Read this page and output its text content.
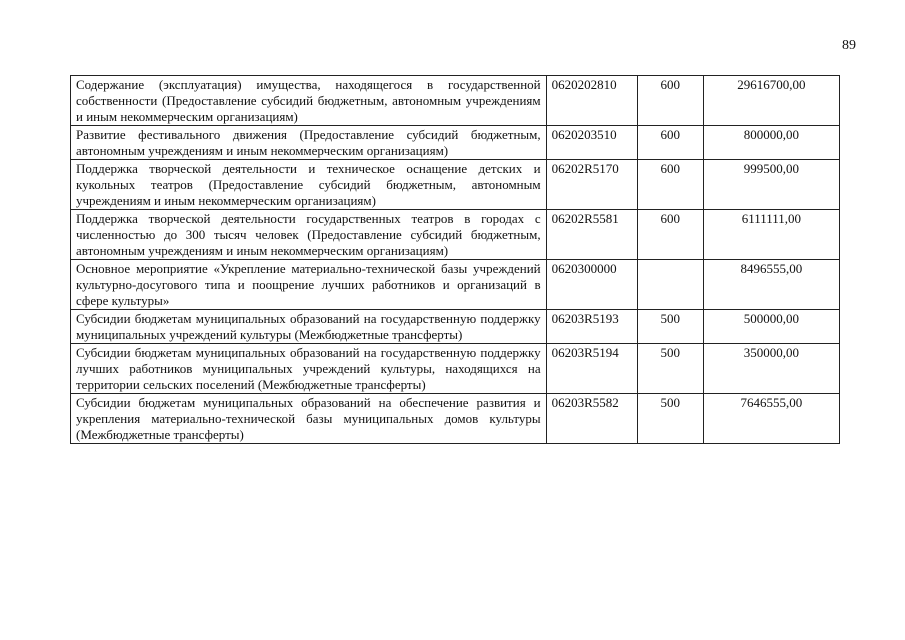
89
Содержание (эксплуатация) имущества, находящегося в государственной собственности (Предоставление субсидий бюджетным, автономным учреждениям и иным некоммерческим организациям)	0620202810	600	29616700,00
Развитие фестивального движения (Предоставление субсидий бюджетным, автономным учреждениям и иным некоммерческим организациям)	0620203510	600	800000,00
Поддержка творческой деятельности и техническое оснащение детских и кукольных театров (Предоставление субсидий бюджетным, автономным учреждениям и иным некоммерческим организациям)	06202R5170	600	999500,00
Поддержка творческой деятельности государственных театров в городах с численностью до 300 тысяч человек (Предоставление субсидий бюджетным, автономным учреждениям и иным некоммерческим организациям)	06202R5581	600	6111111,00
Основное мероприятие «Укрепление материально-технической базы учреждений культурно-досугового типа и поощрение лучших работников и организаций в сфере культуры»	0620300000		8496555,00
Субсидии бюджетам муниципальных образований на государственную поддержку муниципальных учреждений культуры (Межбюджетные трансферты)	06203R5193	500	500000,00
Субсидии бюджетам муниципальных образований на государственную поддержку лучших работников муниципальных учреждений культуры, находящихся на территории сельских поселений (Межбюджетные трансферты)	06203R5194	500	350000,00
Субсидии бюджетам муниципальных образований на обеспечение развития и укрепления материально-технической базы муниципальных домов культуры (Межбюджетные трансферты)	06203R5582	500	7646555,00
